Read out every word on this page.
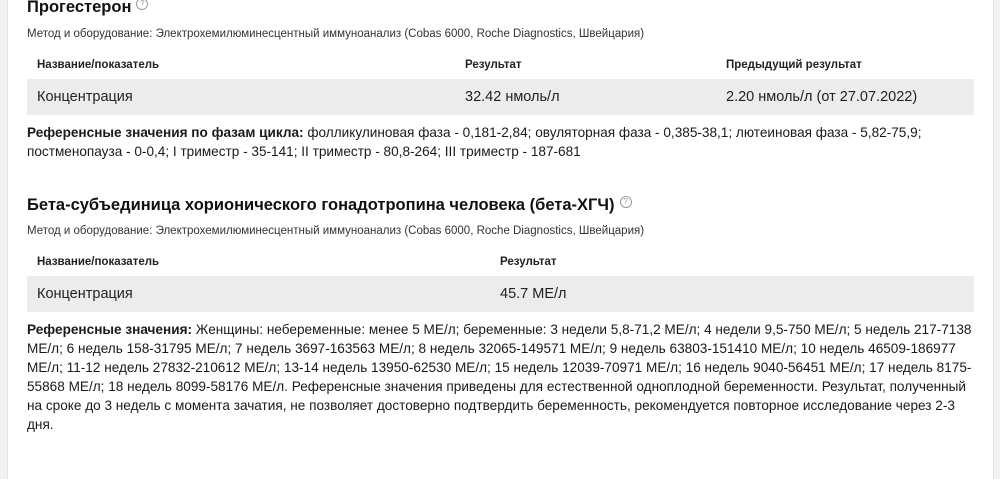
Прогестерон	?
Метод и оборудование: Электрохемилюминесцентный иммуноанализ (Cobas 6000, Roche Diagnostics, Швейцария)
Название/показатель	Результат	Предыдущий результат
Концентрация	32.42 нмоль/л	2.20 нмоль/л (от 27.07.2022)
Референсные значения по фазам цикла: фолликулиновая фаза - 0,181-2,84; овуляторная фаза - 0,385-38,1; лютеиновая фаза - 5,82-75,9; постменопауза - 0-0,4; I триместр - 35-141; II триместр - 80,8-264; III триместр - 187-681
Бета-субъединица хорионического гонадотропина человека (бета-ХГЧ)	?
Метод и оборудование: Электрохемилюминесцентный иммуноанализ (Cobas 6000, Roche Diagnostics, Швейцария)
Название/показатель	Результат
Концентрация	45.7 МЕ/л
Референсные значения: Женщины: небеременные: менее 5 МЕ/л; беременные: 3 недели 5,8-71,2 МЕ/л; 4 недели 9,5-750 МЕ/л; 5 недель 217-7138 МЕ/л; 6 недель 158-31795 МЕ/л; 7 недель 3697-163563 МЕ/л; 8 недель 32065-149571 МЕ/л; 9 недель 63803-151410 МЕ/л; 10 недель 46509-186977 МЕ/л; 11-12 недель 27832-210612 МЕ/л; 13-14 недель 13950-62530 МЕ/л; 15 недель 12039-70971 МЕ/л; 16 недель 9040-56451 МЕ/л; 17 недель 8175-55868 МЕ/л; 18 недель 8099-58176 МЕ/л. Референсные значения приведены для естественной одноплодной беременности. Результат, полученный на сроке до 3 недель с момента зачатия, не позволяет достоверно подтвердить беременность, рекомендуется повторное исследование через 2-3 дня.
